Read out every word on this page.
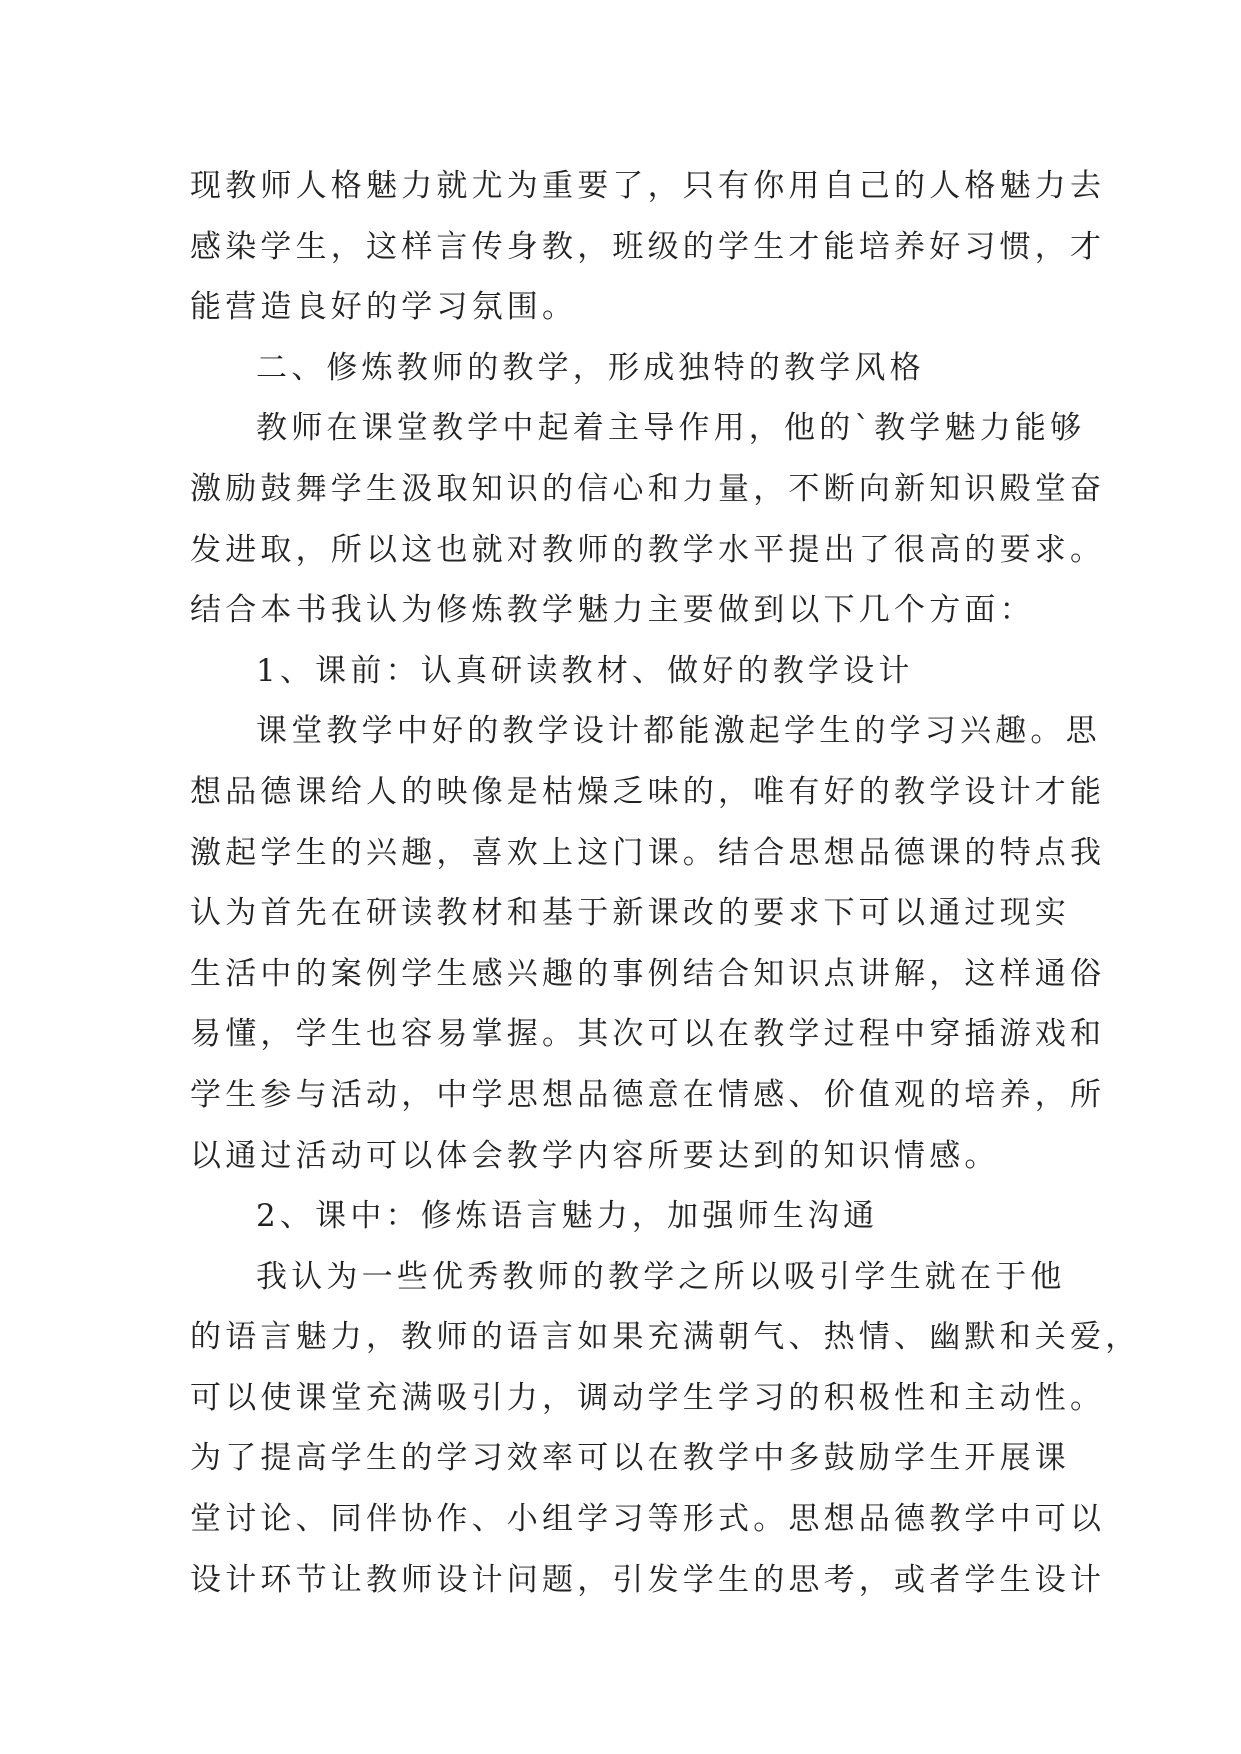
现教师人格魅力就尤为重要了，只有你用自己的人格魅力去
感染学生，这样言传身教，班级的学生才能培养好习惯，才
能营造良好的学习氛围。
二、修炼教师的教学，形成独特的教学风格
教师在课堂教学中起着主导作用，他的`教学魅力能够
激励鼓舞学生汲取知识的信心和力量，不断向新知识殿堂奋
发进取，所以这也就对教师的教学水平提出了很高的要求。
结合本书我认为修炼教学魅力主要做到以下几个方面：
1、课前：认真研读教材、做好的教学设计
课堂教学中好的教学设计都能激起学生的学习兴趣。思
想品德课给人的映像是枯燥乏味的，唯有好的教学设计才能
激起学生的兴趣，喜欢上这门课。结合思想品德课的特点我
认为首先在研读教材和基于新课改的要求下可以通过现实
生活中的案例学生感兴趣的事例结合知识点讲解，这样通俗
易懂，学生也容易掌握。其次可以在教学过程中穿插游戏和
学生参与活动，中学思想品德意在情感、价值观的培养，所
以通过活动可以体会教学内容所要达到的知识情感。
2、课中：修炼语言魅力，加强师生沟通
我认为一些优秀教师的教学之所以吸引学生就在于他
的语言魅力，教师的语言如果充满朝气、热情、幽默和关爱，
可以使课堂充满吸引力，调动学生学习的积极性和主动性。
为了提高学生的学习效率可以在教学中多鼓励学生开展课
堂讨论、同伴协作、小组学习等形式。思想品德教学中可以
设计环节让教师设计问题，引发学生的思考，或者学生设计
